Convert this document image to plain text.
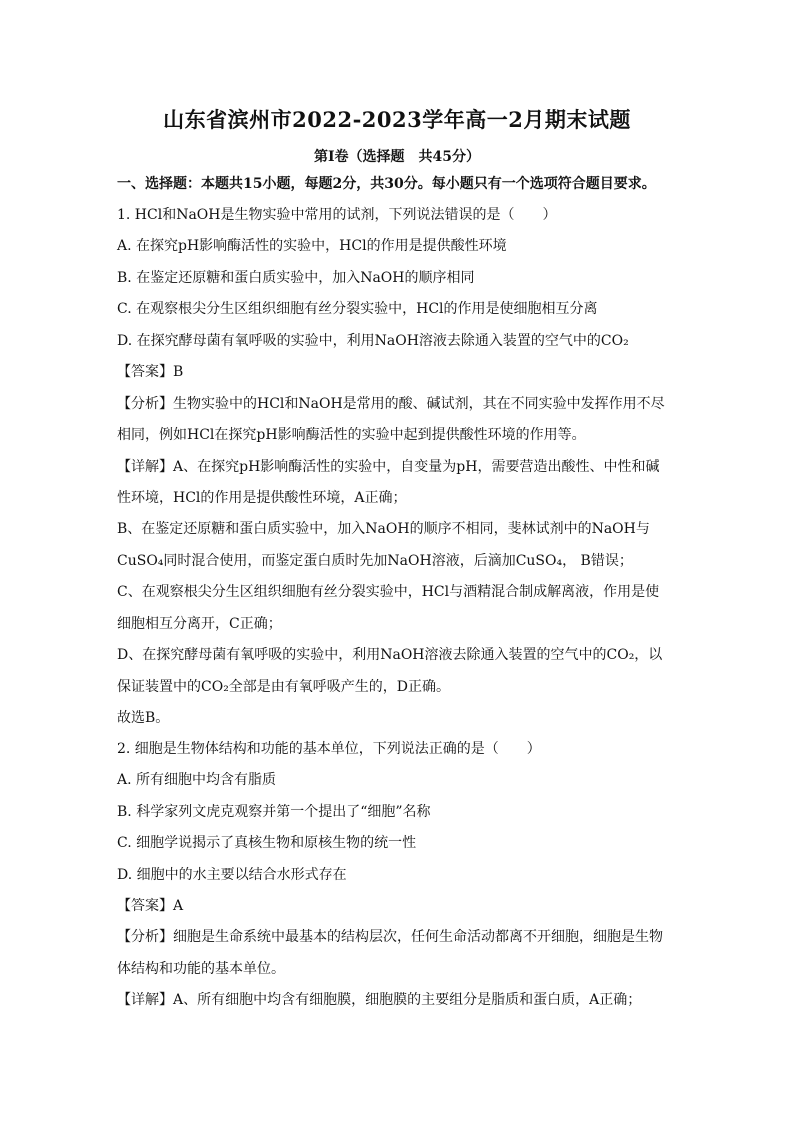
山东省滨州市2022-2023学年高一2月期末试题
第I卷（选择题　共45分）
一、选择题：本题共15小题，每题2分，共30分。每小题只有一个选项符合题目要求。
1. HCl和NaOH是生物实验中常用的试剂，下列说法错误的是（　　）
A. 在探究pH影响酶活性的实验中，HCl的作用是提供酸性环境
B. 在鉴定还原糖和蛋白质实验中，加入NaOH的顺序相同
C. 在观察根尖分生区组织细胞有丝分裂实验中，HCl的作用是使细胞相互分离
D. 在探究酵母菌有氧呼吸的实验中，利用NaOH溶液去除通入装置的空气中的CO₂
【答案】B
【分析】生物实验中的HCl和NaOH是常用的酸、碱试剂，其在不同实验中发挥作用不尽
相同，例如HCl在探究pH影响酶活性的实验中起到提供酸性环境的作用等。
【详解】A、在探究pH影响酶活性的实验中，自变量为pH，需要营造出酸性、中性和碱
性环境，HCl的作用是提供酸性环境，A正确；
B、在鉴定还原糖和蛋白质实验中，加入NaOH的顺序不相同，斐林试剂中的NaOH与
CuSO₄同时混合使用，而鉴定蛋白质时先加NaOH溶液，后滴加CuSO₄， B错误；
C、在观察根尖分生区组织细胞有丝分裂实验中，HCl与酒精混合制成解离液，作用是使
细胞相互分离开，C正确；
D、在探究酵母菌有氧呼吸的实验中，利用NaOH溶液去除通入装置的空气中的CO₂，以
保证装置中的CO₂全部是由有氧呼吸产生的，D正确。
故选B。
2. 细胞是生物体结构和功能的基本单位，下列说法正确的是（　　）
A. 所有细胞中均含有脂质
B. 科学家列文虎克观察并第一个提出了“细胞”名称
C. 细胞学说揭示了真核生物和原核生物的统一性
D. 细胞中的水主要以结合水形式存在
【答案】A
【分析】细胞是生命系统中最基本的结构层次，任何生命活动都离不开细胞，细胞是生物
体结构和功能的基本单位。
【详解】A、所有细胞中均含有细胞膜，细胞膜的主要组分是脂质和蛋白质，A正确；
